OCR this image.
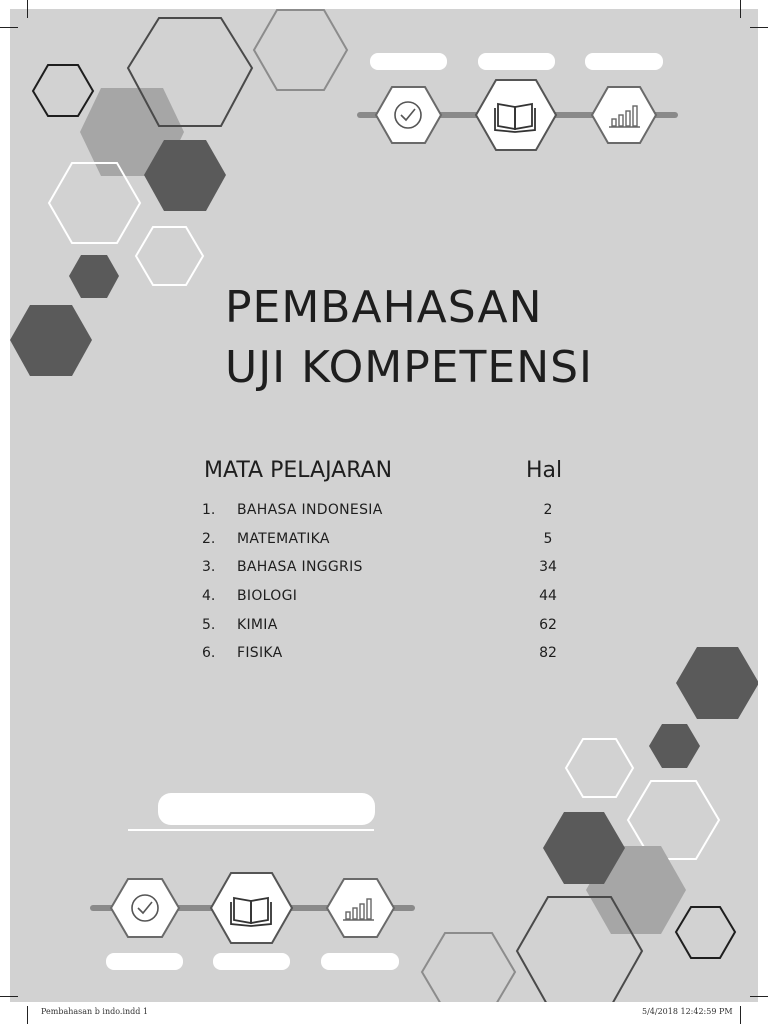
PEMBAHASAN
UJI KOMPETENSI
MATA PELAJARAN	Hal
1. BAHASA INDONESIA	2
2. MATEMATIKA	5
3. BAHASA INGGRIS	34
4. BIOLOGI	44
5. KIMIA	62
6. FISIKA	82
Pembahasan b indo.indd 1	5/4/2018 12:42:59 PM
